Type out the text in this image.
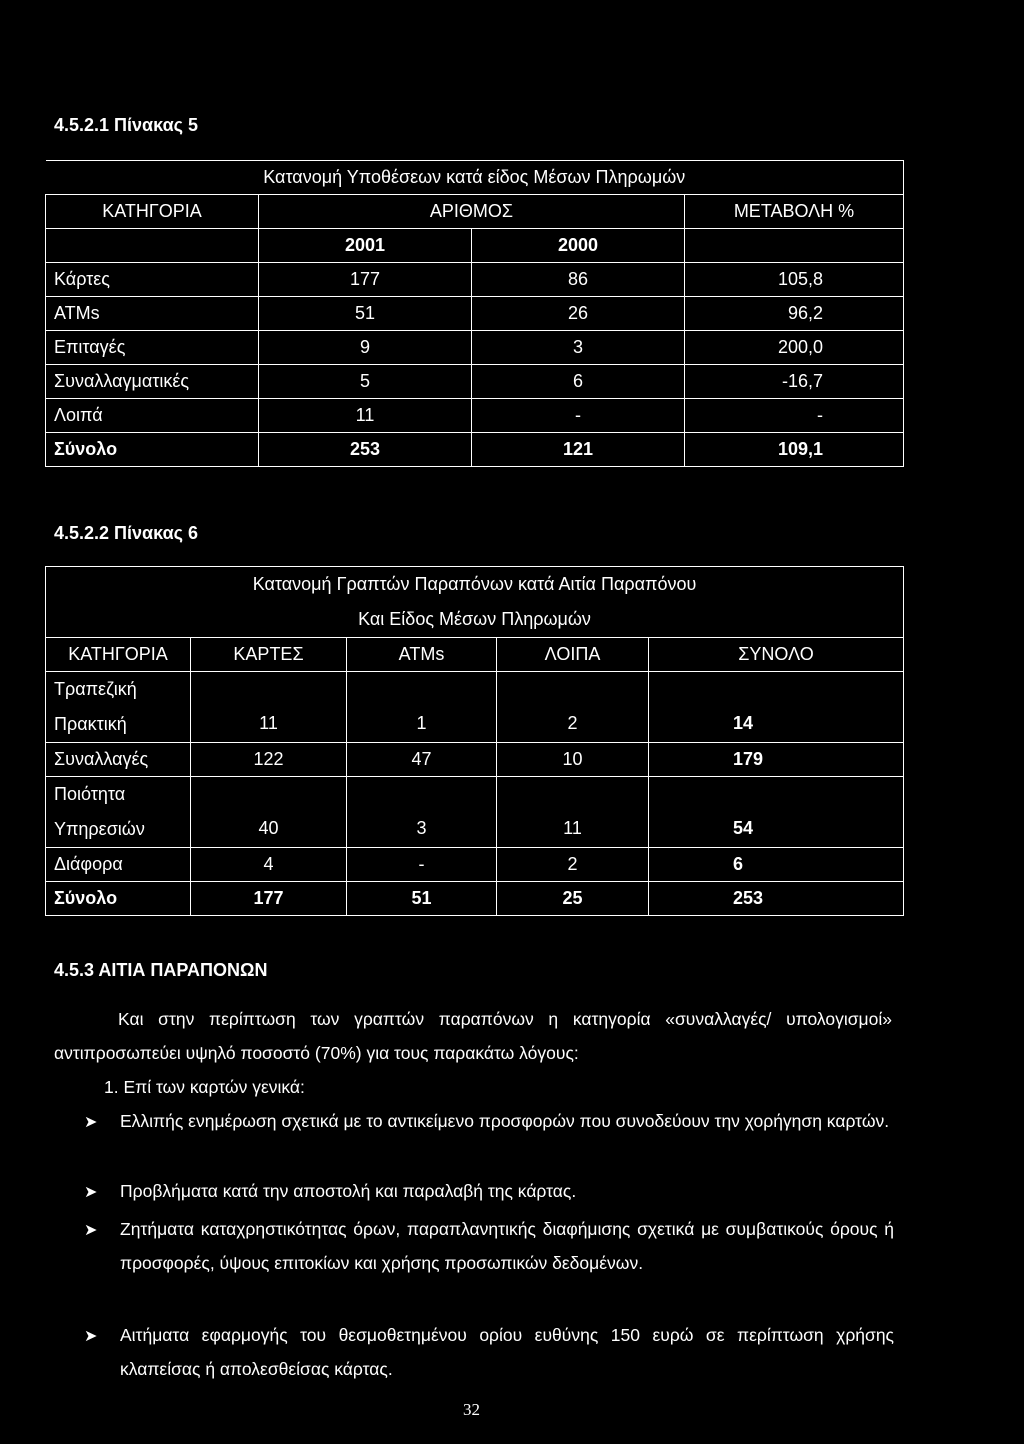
4.5.2.1 Πίνακας 5
Κατανομή Υποθέσεων κατά είδος Μέσων Πληρωμών			
ΚΑΤΗΓΟΡΙΑ	ΑΡΙΘΜΟΣ		ΜΕΤΑΒΟΛΗ %
	2001	2000	
Κάρτες	177	86	105,8
ATMs	51	26	96,2
Επιταγές	9	3	200,0
Συναλλαγματικές	5	6	-16,7
Λοιπά	11	-	-
Σύνολο	253	121	109,1
4.5.2.2 Πίνακας 6
Κατανομή Γραπτών Παραπόνων κατά Αιτία Παραπόνου
Και Είδος Μέσων Πληρωμών				

ΚΑΤΗΓΟΡΙΑ	ΚΑΡΤΕΣ	ATMs	ΛΟΙΠΑ	ΣΥΝΟΛΟ

Τραπεζική
Πρακτική	11	1	2	14
Συναλλαγές	122	47	10	179

Ποιότητα
Υπηρεσιών	40	3	11	54
Διάφορα	4	-	2	6
Σύνολο	177	51	25	253
4.5.3 ΑΙΤΙΑ ΠΑΡΑΠΟΝΩΝ
Και στην περίπτωση των γραπτών παραπόνων η κατηγορία «συναλλαγές/ υπολογισμοί» αντιπροσωπεύει υψηλό ποσοστό (70%) για τους παρακάτω λόγους:
1. Επί των καρτών γενικά:
➤ Ελλιπής ενημέρωση σχετικά με το αντικείμενο προσφορών που συνοδεύουν την χορήγηση καρτών.
➤ Προβλήματα κατά την αποστολή και παραλαβή της κάρτας.
➤ Ζητήματα καταχρηστικότητας όρων, παραπλανητικής διαφήμισης σχετικά με συμβατικούς όρους ή προσφορές, ύψους επιτοκίων και χρήσης προσωπικών δεδομένων.
➤ Αιτήματα εφαρμογής του θεσμοθετημένου ορίου ευθύνης 150 ευρώ σε περίπτωση χρήσης κλαπείσας ή απολεσθείσας κάρτας.
32
